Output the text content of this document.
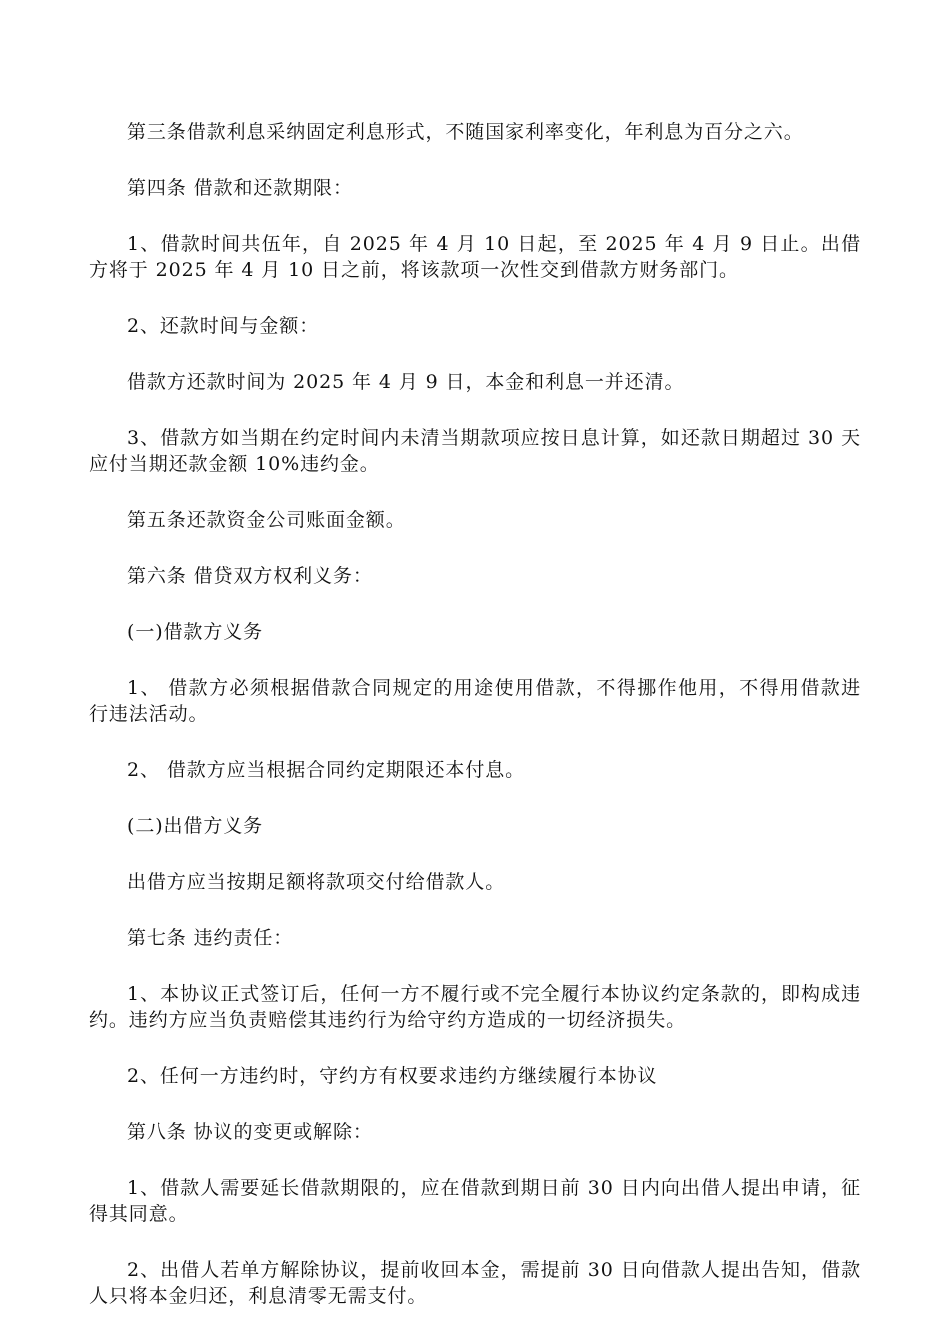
第三条借款利息采纳固定利息形式，不随国家利率变化，年利息为百分之六。

第四条 借款和还款期限：

1、借款时间共伍年，自 2025 年 4 月 10 日起，至 2025 年 4 月 9 日止。出借方将于 2025 年 4 月 10 日之前，将该款项一次性交到借款方财务部门。

2、还款时间与金额：

借款方还款时间为 2025 年 4 月 9 日，本金和利息一并还清。

3、借款方如当期在约定时间内未清当期款项应按日息计算，如还款日期超过 30 天应付当期还款金额 10%违约金。

第五条还款资金公司账面金额。

第六条 借贷双方权利义务：

(一)借款方义务

1、 借款方必须根据借款合同规定的用途使用借款，不得挪作他用，不得用借款进行违法活动。

2、 借款方应当根据合同约定期限还本付息。

(二)出借方义务

出借方应当按期足额将款项交付给借款人。

第七条 违约责任：

1、本协议正式签订后，任何一方不履行或不完全履行本协议约定条款的，即构成违约。违约方应当负责赔偿其违约行为给守约方造成的一切经济损失。

2、任何一方违约时，守约方有权要求违约方继续履行本协议

第八条 协议的变更或解除：

1、借款人需要延长借款期限的，应在借款到期日前 30 日内向出借人提出申请，征得其同意。

2、出借人若单方解除协议，提前收回本金，需提前 30 日向借款人提出告知，借款人只将本金归还，利息清零无需支付。
